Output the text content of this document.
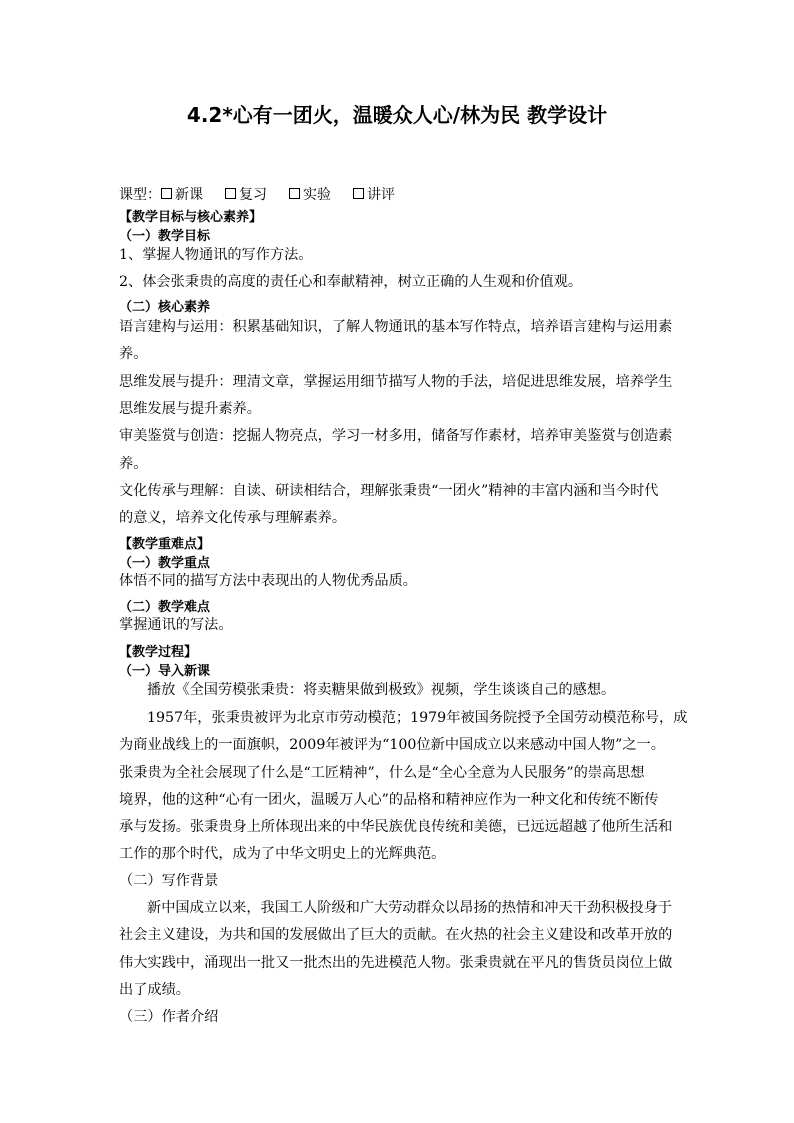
4.2*心有一团火，温暖众人心/林为民 教学设计
课型： 新课	复习	实验	讲评
【教学目标与核心素养】
（一）教学目标
1、掌握人物通讯的写作方法。
2、体会张秉贵的高度的责任心和奉献精神，树立正确的人生观和价值观。
（二）核心素养
语言建构与运用：积累基础知识，了解人物通讯的基本写作特点，培养语言建构与运用素
养。
思维发展与提升：理清文章，掌握运用细节描写人物的手法，培促进思维发展，培养学生
思维发展与提升素养。
审美鉴赏与创造：挖掘人物亮点，学习一材多用，储备写作素材，培养审美鉴赏与创造素
养。
文化传承与理解：自读、研读相结合，理解张秉贵“一团火”精神的丰富内涵和当今时代
的意义，培养文化传承与理解素养。
【教学重难点】
（一）教学重点
体悟不同的描写方法中表现出的人物优秀品质。
（二）教学难点
掌握通讯的写法。
【教学过程】
（一）导入新课
播放《全国劳模张秉贵：将卖糖果做到极致》视频，学生谈谈自己的感想。
1957年，张秉贵被评为北京市劳动模范；1979年被国务院授予全国劳动模范称号，成
为商业战线上的一面旗帜，2009年被评为“100位新中国成立以来感动中国人物”之一。
张秉贵为全社会展现了什么是“工匠精神”，什么是“全心全意为人民服务”的崇高思想
境界，他的这种“心有一团火，温暖万人心”的品格和精神应作为一种文化和传统不断传
承与发扬。张秉贵身上所体现出来的中华民族优良传统和美德，已远远超越了他所生活和
工作的那个时代，成为了中华文明史上的光辉典范。
（二）写作背景
新中国成立以来，我国工人阶级和广大劳动群众以昂扬的热情和冲天干劲积极投身于
社会主义建设，为共和国的发展做出了巨大的贡献。在火热的社会主义建设和改革开放的
伟大实践中，涌现出一批又一批杰出的先进模范人物。张秉贵就在平凡的售货员岗位上做
出了成绩。
（三）作者介绍
